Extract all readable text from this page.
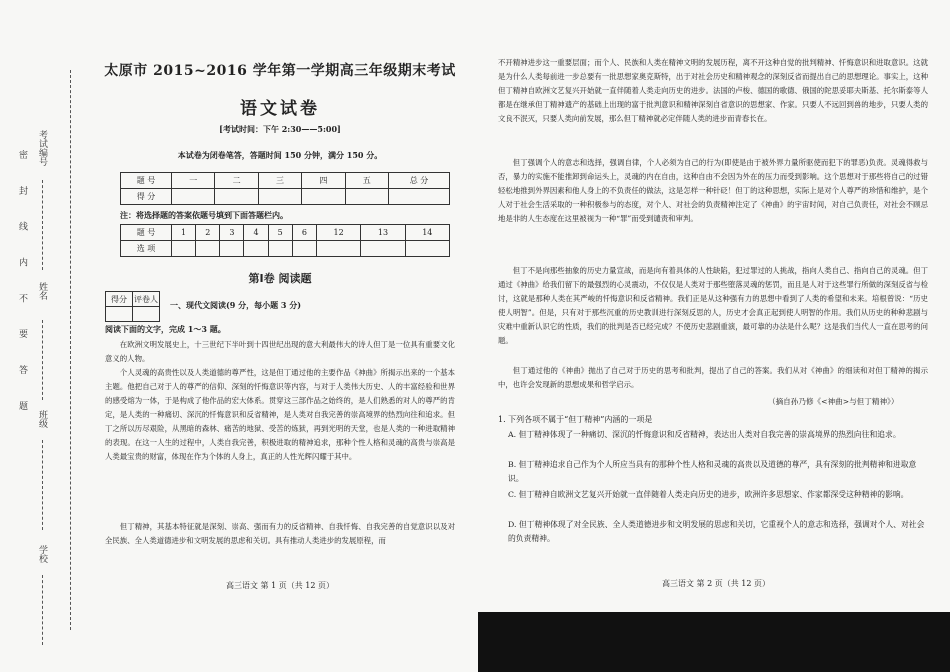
考试编号
姓名
班级
学校
密 封 线 内 不 要 答 题
太原市 2015~2016 学年第一学期高三年级期末考试
语文试卷
[考试时间：下午 2:30——5:00]
本试卷为闭卷笔答，答题时间 150 分钟，满分 150 分。
题 号	一	二	三	四	五	总 分
得 分						
注：将选择题的答案依题号填到下面答题栏内。
题 号	1	2	3	4	5	6	12	13	14
选 项									
第Ⅰ卷 阅读题
得分	评卷人

一、现代文阅读(9 分，每小题 3 分)
阅读下面的文字，完成 1～3 题。
在欧洲文明发展史上，十三世纪下半叶到十四世纪出现的意大利最伟大的诗人但丁是一位具有重要文化意义的人物。
个人灵魂的高贵性以及人类道德的尊严性，这是但丁通过他的主要作品《神曲》所揭示出来的一个基本主题。他把自己对于人的尊严的信仰、深刻的忏悔意识等内容，与对于人类伟大历史、人的丰富经验和世界的感受熔为一体，于是构成了他作品的宏大体系。贯穿这三部作品之始终的，是人们熟悉的对人的尊严的肯定，是人类的一种痛切、深沉的忏悔意识和反省精神，是人类对自我完善的崇高境界的热烈向往和追求。但丁之所以历尽艰险，从黑暗的森林、痛苦的地狱、受苦的炼狱，再到光明的天堂，也是人类的一种进取精神的表现。在这一人生的过程中，人类自我完善，积极进取的精神追求，那种个性人格和灵魂的高贵与崇高是人类最宝贵的财富，体现在作为个体的人身上，真正的人性光辉闪耀于其中。
但丁精神，其基本特征就是深刻、崇高、强而有力的反省精神、自我忏悔、自我完善的自觉意识以及对全民族、全人类道德进步和文明发展的思虑和关切。具有推动人类进步的发展原程，而
高三语文 第 1 页（共 12 页）
不开精神进步这一重要层面；而个人、民族和人类在精神文明的发展历程，离不开这种自觉的批判精神、忏悔意识和进取意识。这就是为什么人类每前进一步总要有一批思想家奥克斯特，出于对社会历史和精神观念的深刻反省而提出自己的思想理论。事实上，这种但丁精神自欧洲文艺复兴开始就一直伴随着人类走向历史的进步。法国的卢梭、德国的歌德、俄国的陀思妥耶夫斯基、托尔斯泰等人都是在继承但丁精神遗产的基础上出现的富于批判意识和精神深刻自省意识的思想家、作家。只要人不远回到兽的地步，只要人类的文良不泯灭，只要人类向前发展，那么但丁精神就必定伴随人类的进步而青春长在。
但丁强调个人的意志和选择，强调自律，个人必须为自己的行为(即使是由于被外界力量所驱使而犯下的罪恶)负责。灵魂得救与否，暴力的实施不能推卸到命运头上，灵魂的内在自由，这种自由不会因为外在的压力而受到影响。这个思想对于那些将自己的过错轻松地推到外界因素和他人身上的不负责任的做法，这是怎样一种针砭！但丁的这种思想，实际上是对个人尊严的珍惜和维护，是个人对于社会生活采取的一种积极参与的态度，对个人、对社会的负责精神注定了《神曲》的宇宙时间，对自己负责任，对社会不顾忌地是非的人生态度在这里被视为一种“罪”而受到谴责和审判。
但丁不是向那些抽象的历史力量宣战，而是向有着具体的人性缺陷，犯过罪过的人挑战，指向人类自己、指向自己的灵魂。但丁通过《神曲》给我们留下的最强烈的心灵震动，不仅仅是人类对于那些堕落灵魂的惩罚，而且是人对于这些罪行所做的深刻反省与检讨，这就是那种人类在其严峻的忏悔意识和反省精神。我们正是从这种强有力的思想中看到了人类的希望和未来。培根曾说：“历史使人明智”。但是，只有对于那些沉重的历史教训进行深刻反思的人，历史才会真正起到使人明智的作用。我们从历史的种种悲剧与灾难中重新认识它的性质，我们的批判是否已经完成？不使历史悲剧重演，最可靠的办法是什么呢？这是我们当代人一直在思考的问题。
但丁通过他的《神曲》抛出了自己对于历史的思考和批判，提出了自己的答案。我们从对《神曲》的细读和对但丁精神的揭示中，也许会发现新的思想成果和哲学启示。
（摘自孙乃修《<神曲>与但丁精神》）
1. 下列各项不属于“但丁精神”内涵的一项是
A. 但丁精神体现了一种痛切、深沉的忏悔意识和反省精神，表达出人类对自我完善的崇高境界的热烈向往和追求。
B. 但丁精神追求自己作为个人所应当具有的那种个性人格和灵魂的高贵以及道德的尊严，具有深刻的批判精神和进取意识。
C. 但丁精神自欧洲文艺复兴开始就一直伴随着人类走向历史的进步，欧洲许多思想家、作家都深受这种精神的影响。
D. 但丁精神体现了对全民族、全人类道德进步和文明发展的思虑和关切，它重视个人的意志和选择，强调对个人、对社会的负责精神。
高三语文 第 2 页（共 12 页）
